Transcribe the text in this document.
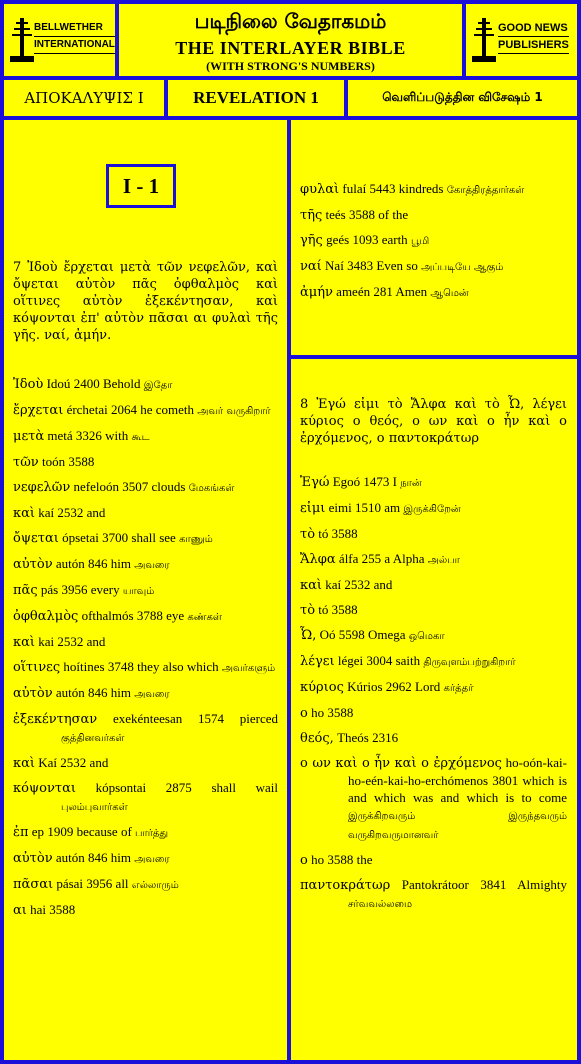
BELLWETHER
INTERNATIONAL
படிநிலை வேதாகமம்
THE INTERLAYER BIBLE
(WITH STRONG'S NUMBERS)
GOOD NEWS
PUBLISHERS
ΑΠΟΚΑΛΥΨΙΣ Ι	REVELATION 1	வெளிப்படுத்தின விசேஷம் 1
I - 1
7 Ἰδοὺ ἔρχεται μετὰ τῶν νεφελῶν, καὶ ὄψεται αὐτὸν πᾶς ὀφθαλμὸς καὶ οἵτινες αὐτὸν ἐξεκέντησαν, καὶ κόψονται ἐπ' αὐτὸν πᾶσαι αι φυλαὶ τῆς γῆς. ναί, ἀμήν.
Ἰδοὺ Idoú 2400 Behold இதோ
ἔρχεται érchetai 2064 he cometh அவர் வருகிறார்
μετὰ metá 3326 with கூட
τῶν toón 3588
νεφελῶν nefeloón 3507 clouds மேகங்கள்
καὶ kaí 2532 and
ὄψεται ópsetai 3700 shall see காணும்
αὐτὸν autón 846 him அவரை
πᾶς pás 3956 every யாவும்
ὀφθαλμὸς ofthalmós 3788 eye கண்கள்
καὶ kai 2532 and
οἵτινες hoítines 3748 they also which அவர்களும்
αὐτὸν autón 846 him அவரை
ἐξεκέντησαν exekénteesan 1574 pierced குத்தினவர்கள்
καὶ Kaí 2532 and
κόψονται kópsontai 2875 shall wail புலம்புவார்கள்
ἐπ ep 1909 because of பார்த்து
αὐτὸν autón 846 him அவரை
πᾶσαι pásai 3956 all எல்லாரும்
αι hai 3588
φυλαὶ fulaí 5443 kindreds கோத்திரத்தார்கள்
τῆς teés 3588 of the
γῆς geés 1093 earth பூமி
ναί Naí 3483 Even so அப்படியே ஆகும்
ἀμήν ameén 281 Amen ஆமென்
8 Ἐγώ εἰμι τὸ Ἄλφα καὶ τὸ Ὦ, λέγει κύριος ο θεός, ο ων καὶ ο ἦν καὶ ο ἐρχόμενος, ο παντοκράτωρ
Ἐγώ Egoó 1473 I நான்
εἰμι eimi 1510 am இருக்கிறேன்
τὸ tó 3588
Ἄλφα álfa 255 a Alpha அல்பா
καὶ kaí 2532 and
τὸ tó 3588
Ὦ, Oó 5598 Omega ஒமெகா
λέγει légei 3004 saith திருவுளம்பற்றுகிறார்
κύριος Kúrios 2962 Lord கர்த்தர்
ο ho 3588
θεός, Theós 2316
ο ων καὶ ο ἦν καὶ ο ἐρχόμενος ho-oón-kai-ho-eén-kai-ho-erchómenos 3801 which is and which was and which is to come இருக்கிறவரும் இருந்தவரும் வருகிறவருமானவர்
ο ho 3588 the
παντοκράτωρ Pantokrátoor 3841 Almighty சர்வவல்லமை
